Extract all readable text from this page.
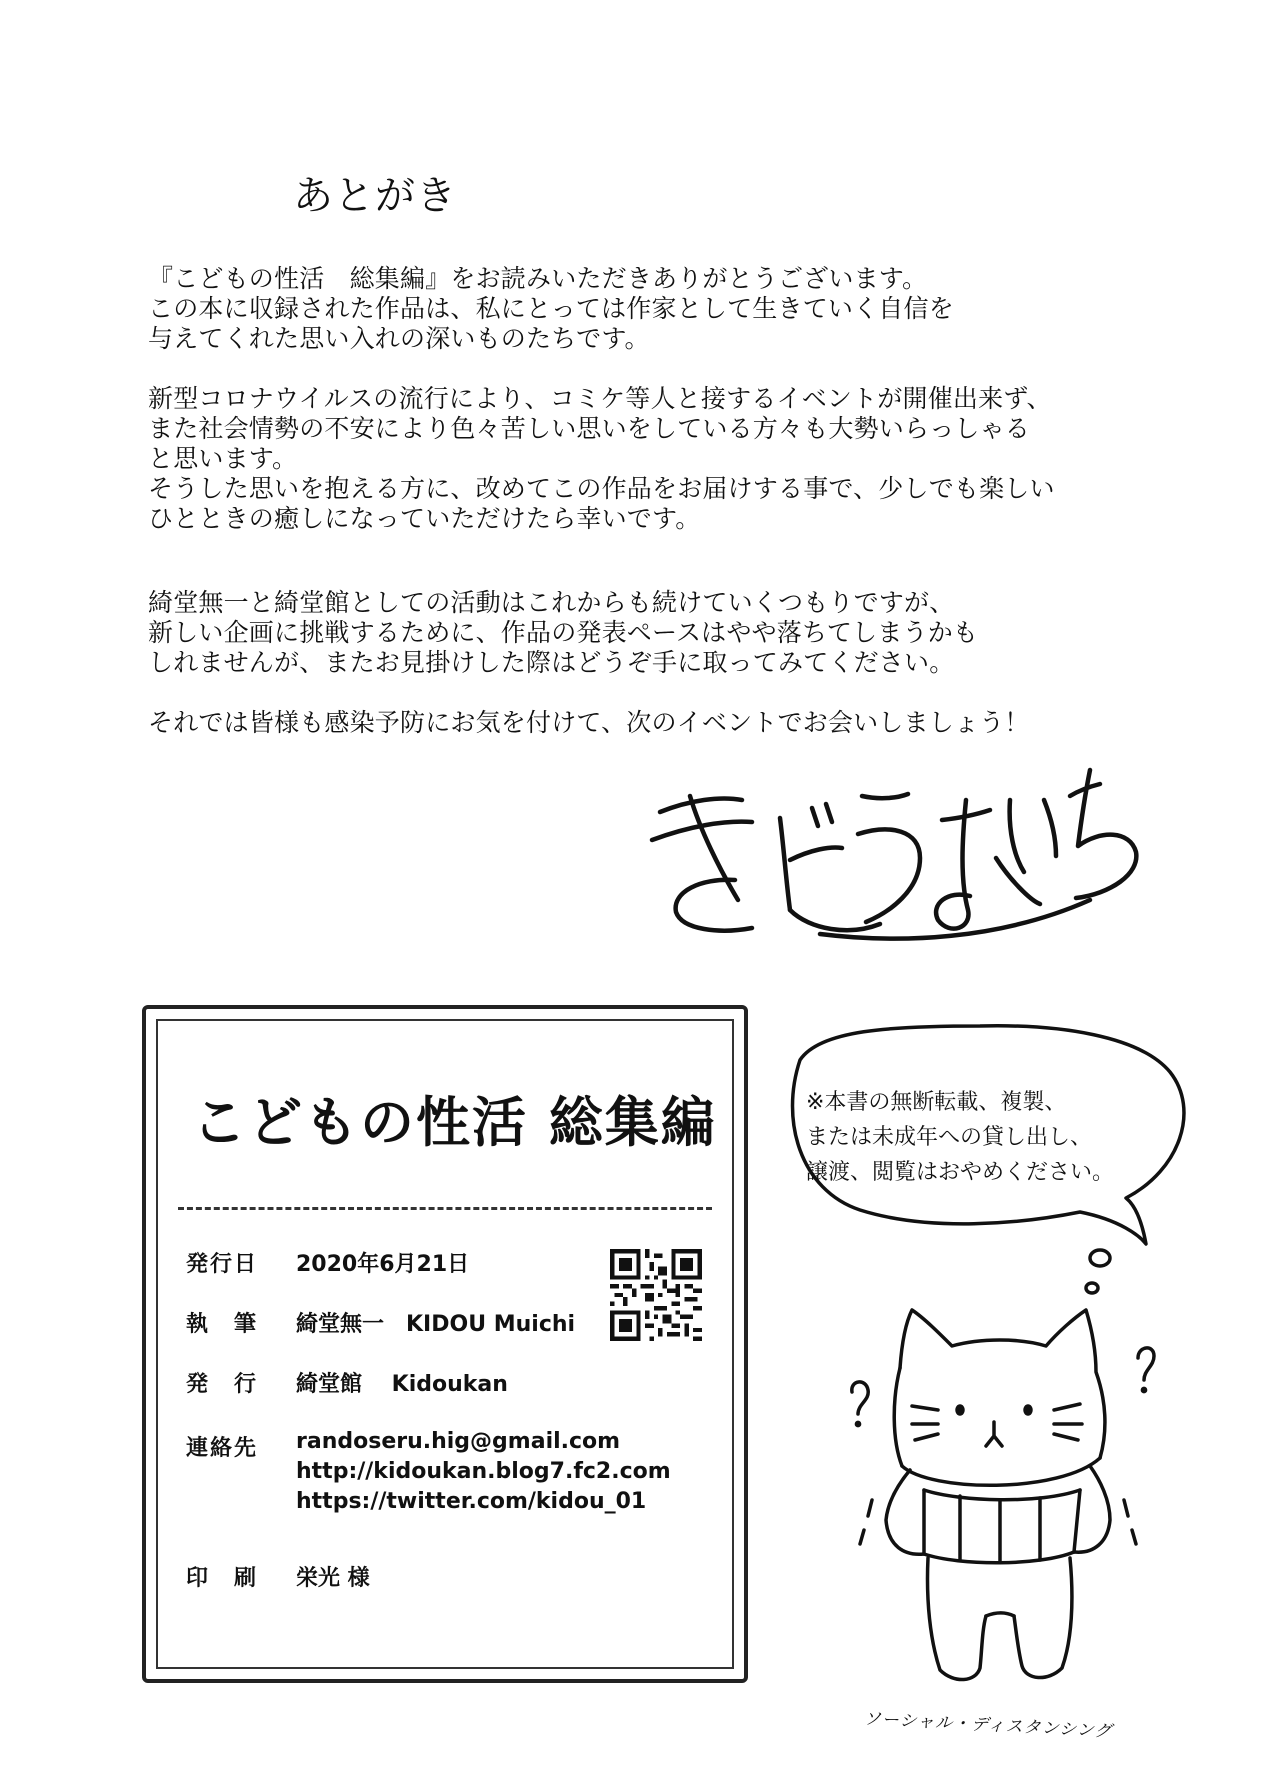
あとがき
『こどもの性活　総集編』をお読みいただきありがとうございます。
この本に収録された作品は、私にとっては作家として生きていく自信を
与えてくれた思い入れの深いものたちです。
新型コロナウイルスの流行により、コミケ等人と接するイベントが開催出来ず、
また社会情勢の不安により色々苦しい思いをしている方々も大勢いらっしゃる
と思います。
そうした思いを抱える方に、改めてこの作品をお届けする事で、少しでも楽しい
ひとときの癒しになっていただけたら幸いです。
綺堂無一と綺堂館としての活動はこれからも続けていくつもりですが、
新しい企画に挑戦するために、作品の発表ペースはやや落ちてしまうかも
しれませんが、またお見掛けした際はどうぞ手に取ってみてください。
それでは皆様も感染予防にお気を付けて、次のイベントでお会いしましょう！
こどもの性活 総集編
発行日 2020年6月21日
執　筆 綺堂無一　KIDOU Muichi
発　行 綺堂館　 Kidoukan
連絡先 randoseru.hig@gmail.com
http://kidoukan.blog7.fc2.com
https://twitter.com/kidou_01
印　刷 栄光 様
※本書の無断転載、複製、
または未成年への貸し出し、
譲渡、閲覧はおやめください。
ソーシャル・ディスタンシング
